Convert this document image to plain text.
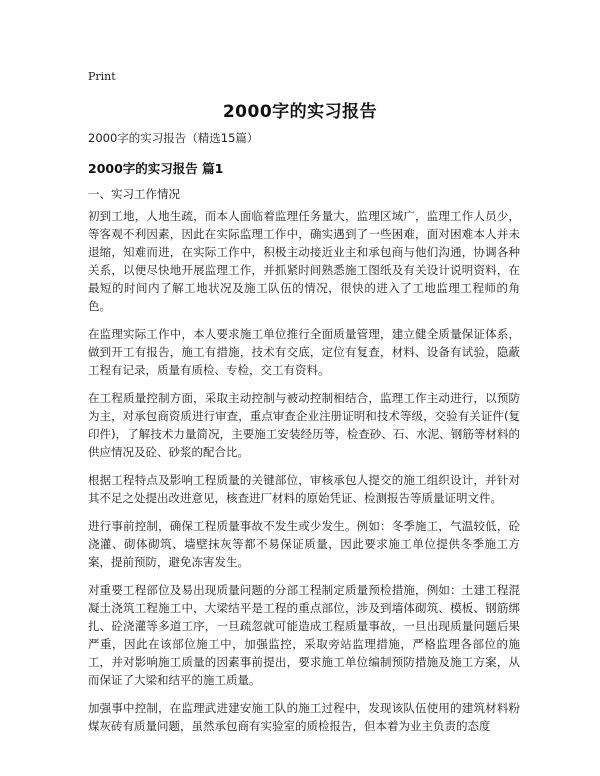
Print
2000字的实习报告

2000字的实习报告（精选15篇）

2000字的实习报告 篇1

一、实习工作情况

初到工地，人地生疏，而本人面临着监理任务量大，监理区域广，监理工作人员少，等客观不利因素，因此在实际监理工作中，确实遇到了一些困难，面对困难本人并未退缩，知难而进，在实际工作中，积极主动接近业主和承包商与他们沟通，协调各种关系，以便尽快地开展监理工作，并抓紧时间熟悉施工图纸及有关设计说明资料，在最短的时间内了解工地状况及施工队伍的情况，很快的进入了工地监理工程师的角色。

在监理实际工作中，本人要求施工单位推行全面质量管理，建立健全质量保证体系，做到开工有报告，施工有措施，技术有交底，定位有复查，材料、设备有试验，隐蔽工程有记录，质量有质检、专检，交工有资料。

在工程质量控制方面，采取主动控制与被动控制相结合，监理工作主动进行，以预防为主，对承包商资质进行审查，重点审查企业注册证明和技术等级，交验有关证件(复印件)，了解技术力量简况，主要施工安装经历等，检查砂、石、水泥、钢筋等材料的供应情况及砼、砂浆的配合比。

根据工程特点及影响工程质量的关键部位，审核承包人提交的施工组织设计，并针对其不足之处提出改进意见，核查进厂材料的原始凭证、检测报告等质量证明文件。

进行事前控制，确保工程质量事故不发生或少发生。例如：冬季施工，气温较低，砼浇灌、砌体砌筑、墙壁抹灰等都不易保证质量，因此要求施工单位提供冬季施工方案，提前预防，避免冻害发生。

对重要工程部位及易出现质量问题的分部工程制定质量预检措施，例如：土建工程混凝土浇筑工程施工中，大梁结平是工程的重点部位，涉及到墙体砌筑、模板、钢筋绑扎、砼浇灌等多道工序，一旦疏忽就可能造成工程质量事故，一旦出现质量问题后果严重，因此在该部位施工中，加强监控，采取旁站监理措施，严格监理各部位的施工，并对影响施工质量的因素事前提出，要求施工单位编制预防措施及施工方案，从而保证了大梁和结平的施工质量。

加强事中控制，在监理武进建安施工队的施工过程中，发现该队伍使用的建筑材料粉煤灰砖有质量问题，虽然承包商有实验室的质检报告，但本着为业主负责的态度
